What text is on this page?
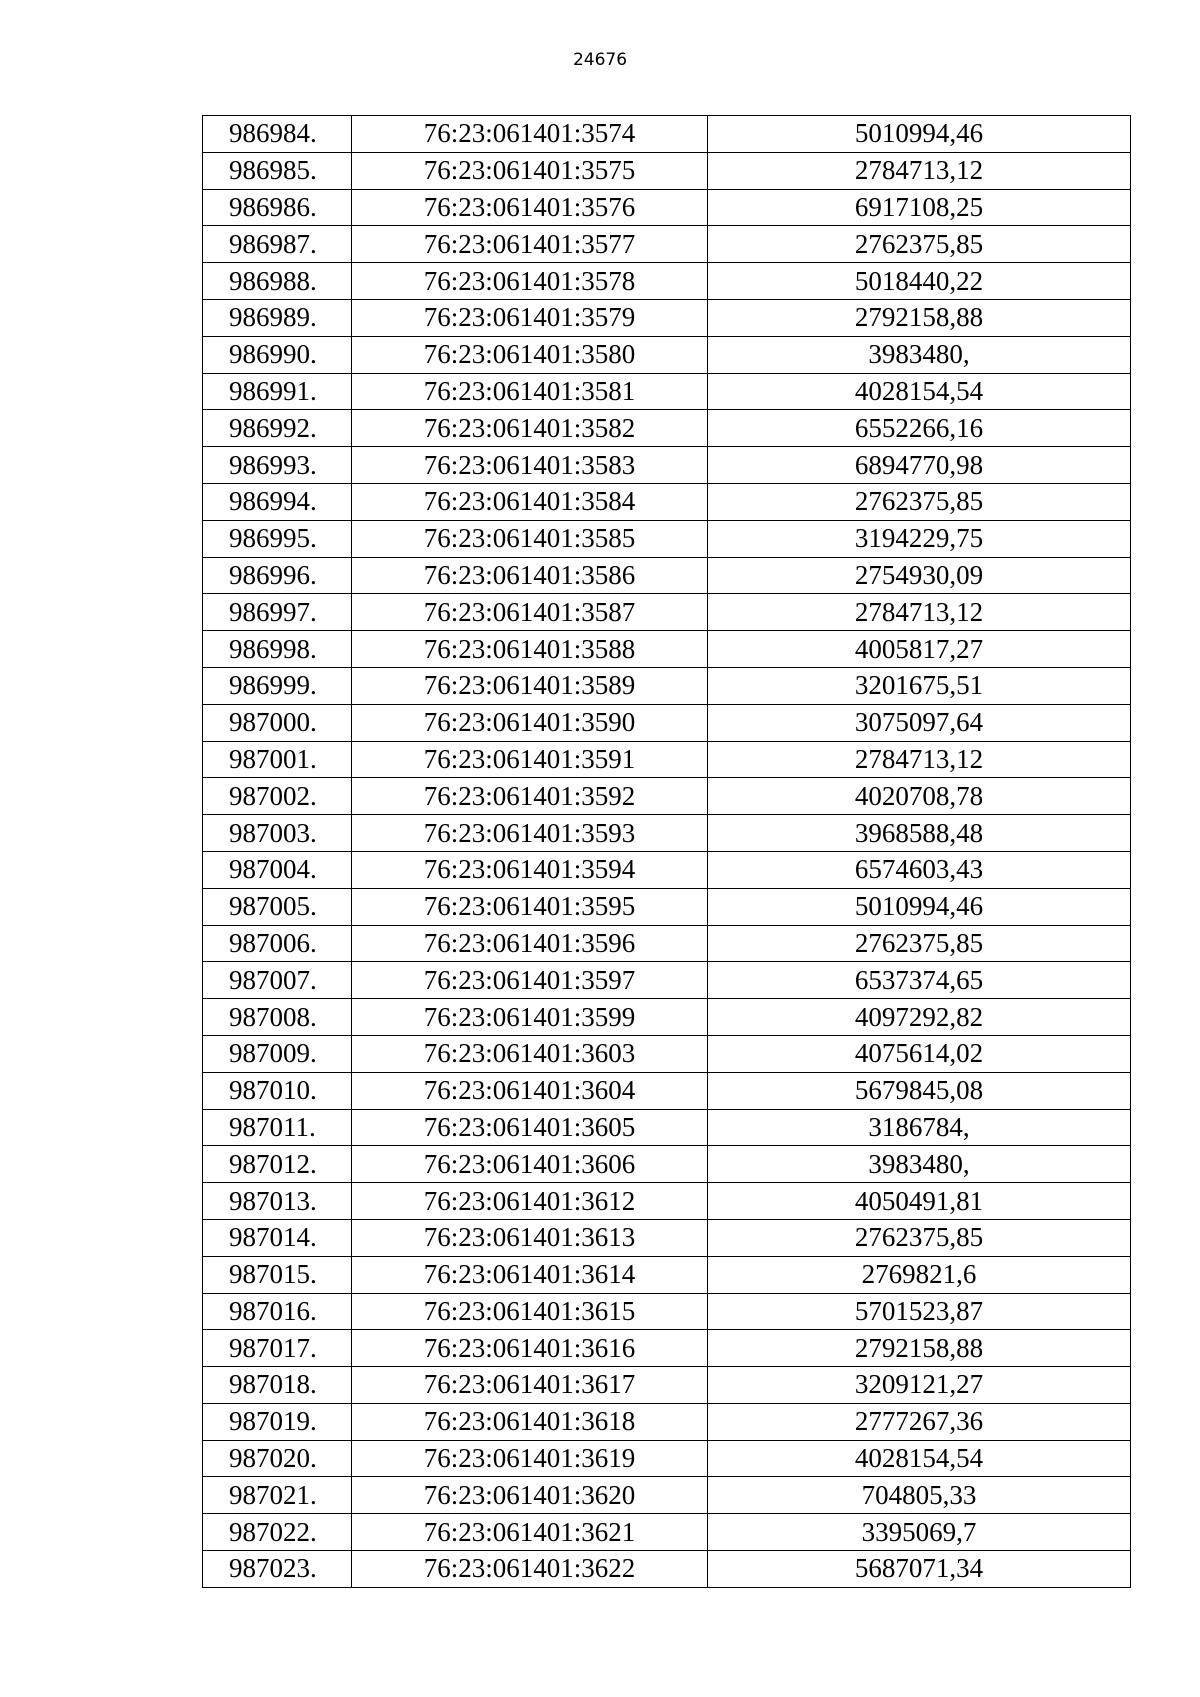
24676
986984.	76:23:061401:3574	5010994,46
986985.	76:23:061401:3575	2784713,12
986986.	76:23:061401:3576	6917108,25
986987.	76:23:061401:3577	2762375,85
986988.	76:23:061401:3578	5018440,22
986989.	76:23:061401:3579	2792158,88
986990.	76:23:061401:3580	3983480,
986991.	76:23:061401:3581	4028154,54
986992.	76:23:061401:3582	6552266,16
986993.	76:23:061401:3583	6894770,98
986994.	76:23:061401:3584	2762375,85
986995.	76:23:061401:3585	3194229,75
986996.	76:23:061401:3586	2754930,09
986997.	76:23:061401:3587	2784713,12
986998.	76:23:061401:3588	4005817,27
986999.	76:23:061401:3589	3201675,51
987000.	76:23:061401:3590	3075097,64
987001.	76:23:061401:3591	2784713,12
987002.	76:23:061401:3592	4020708,78
987003.	76:23:061401:3593	3968588,48
987004.	76:23:061401:3594	6574603,43
987005.	76:23:061401:3595	5010994,46
987006.	76:23:061401:3596	2762375,85
987007.	76:23:061401:3597	6537374,65
987008.	76:23:061401:3599	4097292,82
987009.	76:23:061401:3603	4075614,02
987010.	76:23:061401:3604	5679845,08
987011.	76:23:061401:3605	3186784,
987012.	76:23:061401:3606	3983480,
987013.	76:23:061401:3612	4050491,81
987014.	76:23:061401:3613	2762375,85
987015.	76:23:061401:3614	2769821,6
987016.	76:23:061401:3615	5701523,87
987017.	76:23:061401:3616	2792158,88
987018.	76:23:061401:3617	3209121,27
987019.	76:23:061401:3618	2777267,36
987020.	76:23:061401:3619	4028154,54
987021.	76:23:061401:3620	704805,33
987022.	76:23:061401:3621	3395069,7
987023.	76:23:061401:3622	5687071,34
